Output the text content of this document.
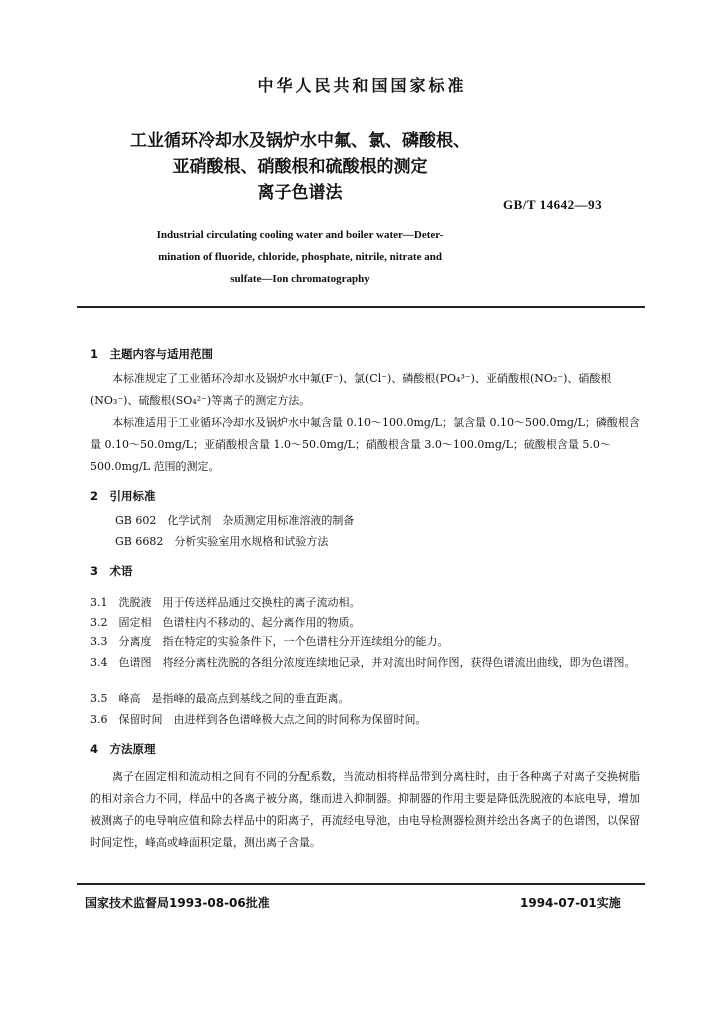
中华人民共和国国家标准
工业循环冷却水及锅炉水中氟、氯、磷酸根、
亚硝酸根、硝酸根和硫酸根的测定
离子色谱法
GB/T 14642—93
Industrial circulating cooling water and boiler water—Deter-
mination of fluoride, chloride, phosphate, nitrile, nitrate and
sulfate—Ion chromatography
1　主题内容与适用范围
本标准规定了工业循环冷却水及锅炉水中氟(F⁻)、氯(Cl⁻)、磷酸根(PO₄³⁻)、亚硝酸根(NO₂⁻)、硝酸根(NO₃⁻)、硫酸根(SO₄²⁻)等离子的测定方法。
本标准适用于工业循环冷却水及锅炉水中氟含量 0.10～100.0mg/L；氯含量 0.10～500.0mg/L；磷酸根含量 0.10～50.0mg/L；亚硝酸根含量 1.0～50.0mg/L；硝酸根含量 3.0～100.0mg/L；硫酸根含量 5.0～500.0mg/L 范围的测定。
2　引用标准
GB 602　化学试剂　杂质测定用标准溶液的制备
GB 6682　分析实验室用水规格和试验方法
3　术语
3.1　洗脱液　用于传送样品通过交换柱的离子流动相。
3.2　固定相　色谱柱内不移动的、起分离作用的物质。
3.3　分离度　指在特定的实验条件下，一个色谱柱分开连续组分的能力。
3.4　色谱图　将经分离柱洗脱的各组分浓度连续地记录，并对流出时间作图，获得色谱流出曲线，即为色谱图。
3.5　峰高　是指峰的最高点到基线之间的垂直距离。
3.6　保留时间　由进样到各色谱峰极大点之间的时间称为保留时间。
4　方法原理
离子在固定相和流动相之间有不同的分配系数，当流动相将样品带到分离柱时，由于各种离子对离子交换树脂的相对亲合力不同，样品中的各离子被分离，继而进入抑制器。抑制器的作用主要是降低洗脱液的本底电导，增加被测离子的电导响应值和除去样品中的阳离子，再流经电导池，由电导检测器检测并绘出各离子的色谱图，以保留时间定性，峰高或峰面积定量，测出离子含量。
国家技术监督局1993-08-06批准	1994-07-01实施
